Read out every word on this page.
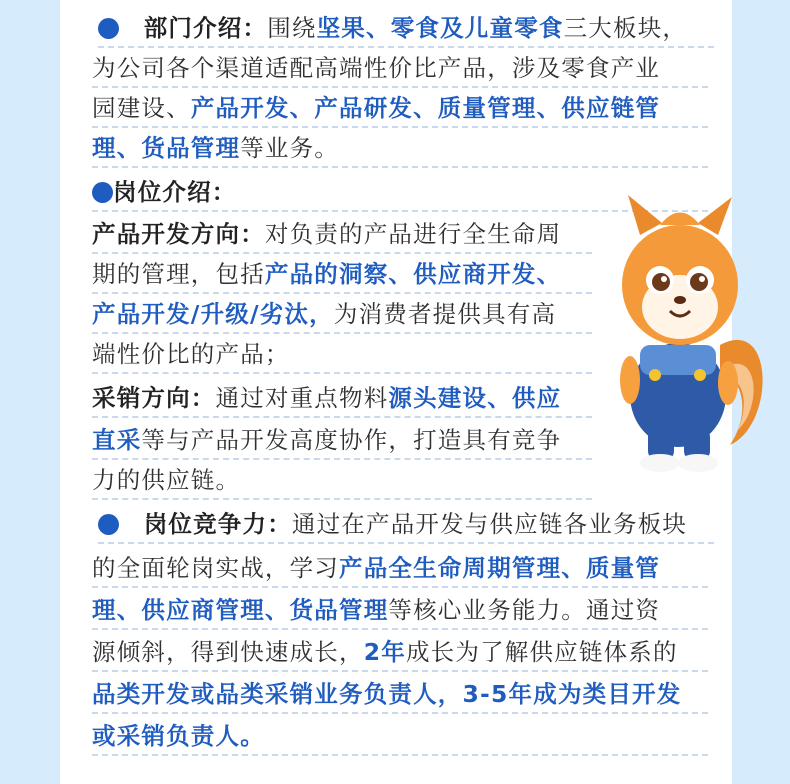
　部门介绍：围绕坚果、零食及儿童零食三大板块，
为公司各个渠道适配高端性价比产品，涉及零食产业
园建设、产品开发、产品研发、质量管理、供应链管
理、货品管理等业务。
岗位介绍：
产品开发方向：对负责的产品进行全生命周
期的管理，包括产品的洞察、供应商开发、
产品开发/升级/劣汰，为消费者提供具有高
端性价比的产品；
采销方向：通过对重点物料源头建设、供应
直采等与产品开发高度协作，打造具有竞争
力的供应链。
　岗位竞争力：通过在产品开发与供应链各业务板块
的全面轮岗实战，学习产品全生命周期管理、质量管
理、供应商管理、货品管理等核心业务能力。通过资
源倾斜，得到快速成长，2年成长为了解供应链体系的
品类开发或品类采销业务负责人，3-5年成为类目开发
或采销负责人。
